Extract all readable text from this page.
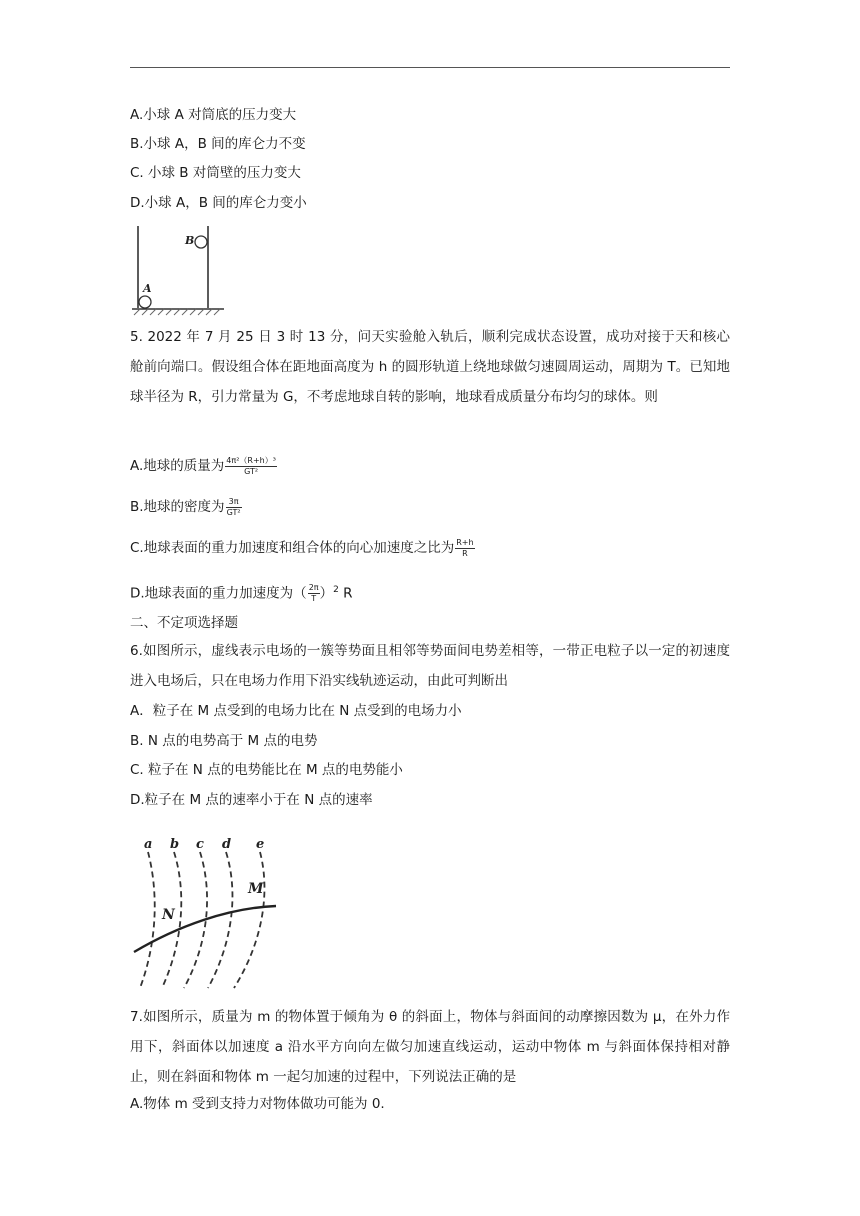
A.小球 A 对筒底的压力变大
B.小球 A，B 间的库仑力不变
C. 小球 B 对筒壁的压力变大
D.小球 A，B 间的库仑力变小
A
B
5. 2022 年 7 月 25 日 3 时 13 分，问天实验舱入轨后，顺利完成状态设置，成功对接于天和核心舱前向端口。假设组合体在距地面高度为 h 的圆形轨道上绕地球做匀速圆周运动，周期为 T。已知地球半径为 R，引力常量为 G，不考虑地球自转的影响，地球看成质量分布均匀的球体。则
A.地球的质量为 $\frac{\text{4π²（R+h）³}}{\text{GT²}}$
B.地球的密度为 $\frac{3\pi}{\text{GT²}}$
C.地球表面的重力加速度和组合体的向心加速度之比为 $\frac{R+h}{R}$
D.地球表面的重力加速度为（ $\frac{2\pi}{T} )^2$ R
二、不定项选择题
6.如图所示，虚线表示电场的一簇等势面且相邻等势面间电势差相等，一带正电粒子以一定的初速度进入电场后，只在电场力作用下沿实线轨迹运动，由此可判断出
A．粒子在 M 点受到的电场力比在 N 点受到的电场力小
B. N 点的电势高于 M 点的电势
C. 粒子在 N 点的电势能比在 M 点的电势能小
D.粒子在 M 点的速率小于在 N 点的速率
a b c d e
M
N
7.如图所示，质量为 m 的物体置于倾角为 θ 的斜面上，物体与斜面间的动摩擦因数为 μ，在外力作用下，斜面体以加速度 a 沿水平方向向左做匀加速直线运动，运动中物体 m 与斜面体保持相对静止，则在斜面和物体 m 一起匀加速的过程中，下列说法正确的是
A.物体 m 受到支持力对物体做功可能为 0.
